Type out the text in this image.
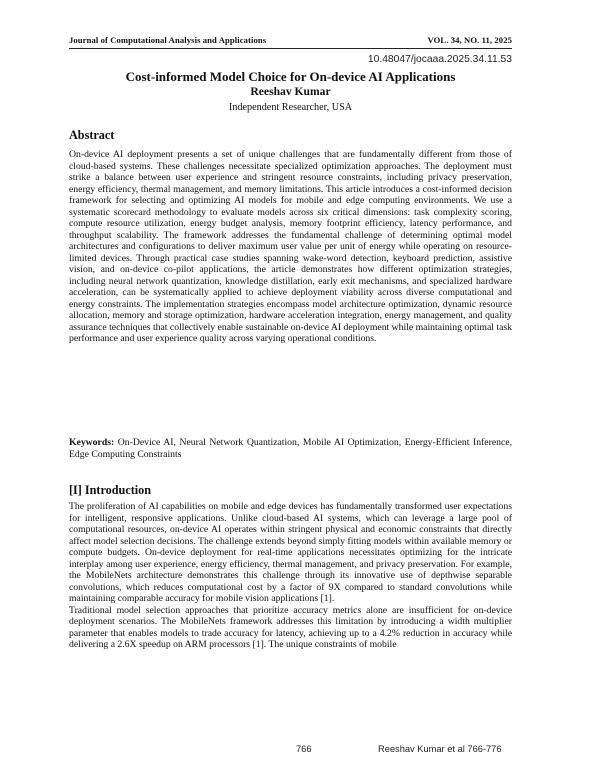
Journal of Computational Analysis and Applications	VOL. 34, NO. 11, 2025
10.48047/jocaaa.2025.34.11.53
Cost-informed Model Choice for On-device AI Applications
Reeshav Kumar
Independent Researcher, USA
Abstract
On-device AI deployment presents a set of unique challenges that are fundamentally different from those of cloud-based systems. These challenges necessitate specialized optimization approaches. The deployment must strike a balance between user experience and stringent resource constraints, including privacy preservation, energy efficiency, thermal management, and memory limitations. This article introduces a cost-informed decision framework for selecting and optimizing AI models for mobile and edge computing environments. We use a systematic scorecard methodology to evaluate models across six critical dimensions: task complexity scoring, compute resource utilization, energy budget analysis, memory footprint efficiency, latency performance, and throughput scalability. The framework addresses the fundamental challenge of determining optimal model architectures and configurations to deliver maximum user value per unit of energy while operating on resource-limited devices. Through practical case studies spanning wake-word detection, keyboard prediction, assistive vision, and on-device co-pilot applications, the article demonstrates how different optimization strategies, including neural network quantization, knowledge distillation, early exit mechanisms, and specialized hardware acceleration, can be systematically applied to achieve deployment viability across diverse computational and energy constraints. The implementation strategies encompass model architecture optimization, dynamic resource allocation, memory and storage optimization, hardware acceleration integration, energy management, and quality assurance techniques that collectively enable sustainable on-device AI deployment while maintaining optimal task performance and user experience quality across varying operational conditions.
Keywords: On-Device AI, Neural Network Quantization, Mobile AI Optimization, Energy-Efficient Inference, Edge Computing Constraints
[I] Introduction

The proliferation of AI capabilities on mobile and edge devices has fundamentally transformed user expectations for intelligent, responsive applications. Unlike cloud-based AI systems, which can leverage a large pool of computational resources, on-device AI operates within stringent physical and economic constraints that directly affect model selection decisions. The challenge extends beyond simply fitting models within available memory or compute budgets. On-device deployment for real-time applications necessitates optimizing for the intricate interplay among user experience, energy efficiency, thermal management, and privacy preservation. For example, the MobileNets architecture demonstrates this challenge through its innovative use of depthwise separable convolutions, which reduces computational cost by a factor of 9X compared to standard convolutions while maintaining comparable accuracy for mobile vision applications [1].

Traditional model selection approaches that prioritize accuracy metrics alone are insufficient for on-device deployment scenarios. The MobileNets framework addresses this limitation by introducing a width multiplier parameter that enables models to trade accuracy for latency, achieving up to a 4.2% reduction in accuracy while delivering a 2.6X speedup on ARM processors [1]. The unique constraints of mobile

766	Reeshav Kumar et al 766-776
